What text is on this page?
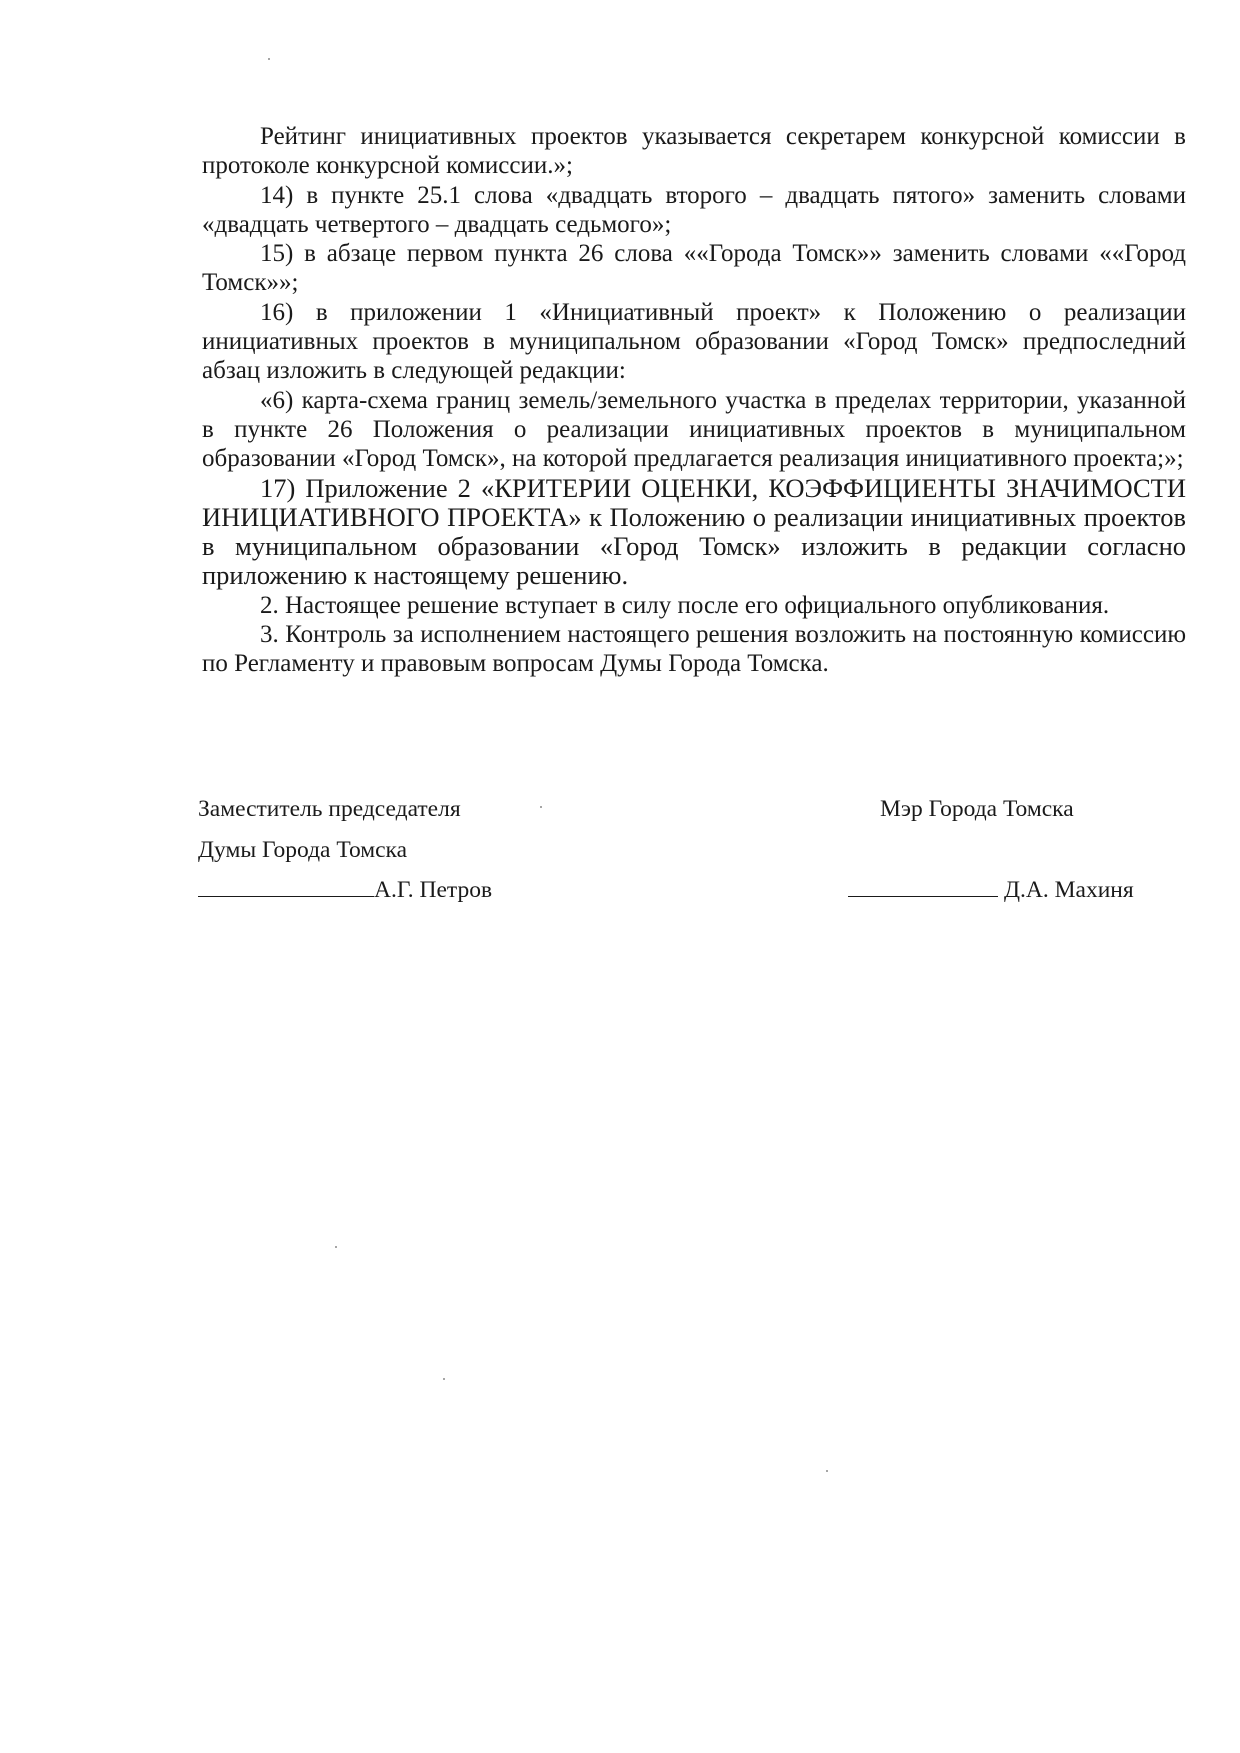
Рейтинг инициативных проектов указывается секретарем конкурсной комиссии в протоколе конкурсной комиссии.»;

14) в пункте 25.1 слова «двадцать второго – двадцать пятого» заменить словами «двадцать четвертого – двадцать седьмого»;

15) в абзаце первом пункта 26 слова ««Города Томск»» заменить словами ««Город Томск»»;

16) в приложении 1 «Инициативный проект» к Положению о реализации инициативных проектов в муниципальном образовании «Город Томск» предпоследний абзац изложить в следующей редакции:

«6) карта-схема границ земель/земельного участка в пределах территории, указанной в пункте 26 Положения о реализации инициативных проектов в муниципальном образовании «Город Томск», на которой предлагается реализация инициативного проекта;»;

17) Приложение 2 «КРИТЕРИИ ОЦЕНКИ, КОЭФФИЦИЕНТЫ ЗНАЧИМОСТИ ИНИЦИАТИВНОГО ПРОЕКТА» к Положению о реализации инициативных проектов в муниципальном образовании «Город Томск» изложить в редакции согласно приложению к настоящему решению.

2. Настоящее решение вступает в силу после его официального опубликования.

3. Контроль за исполнением настоящего решения возложить на постоянную комиссию по Регламенту и правовым вопросам Думы Города Томска.

Заместитель председателя
Думы Города Томска
А.Г. Петров
Мэр Города Томска
Д.А. Махиня
